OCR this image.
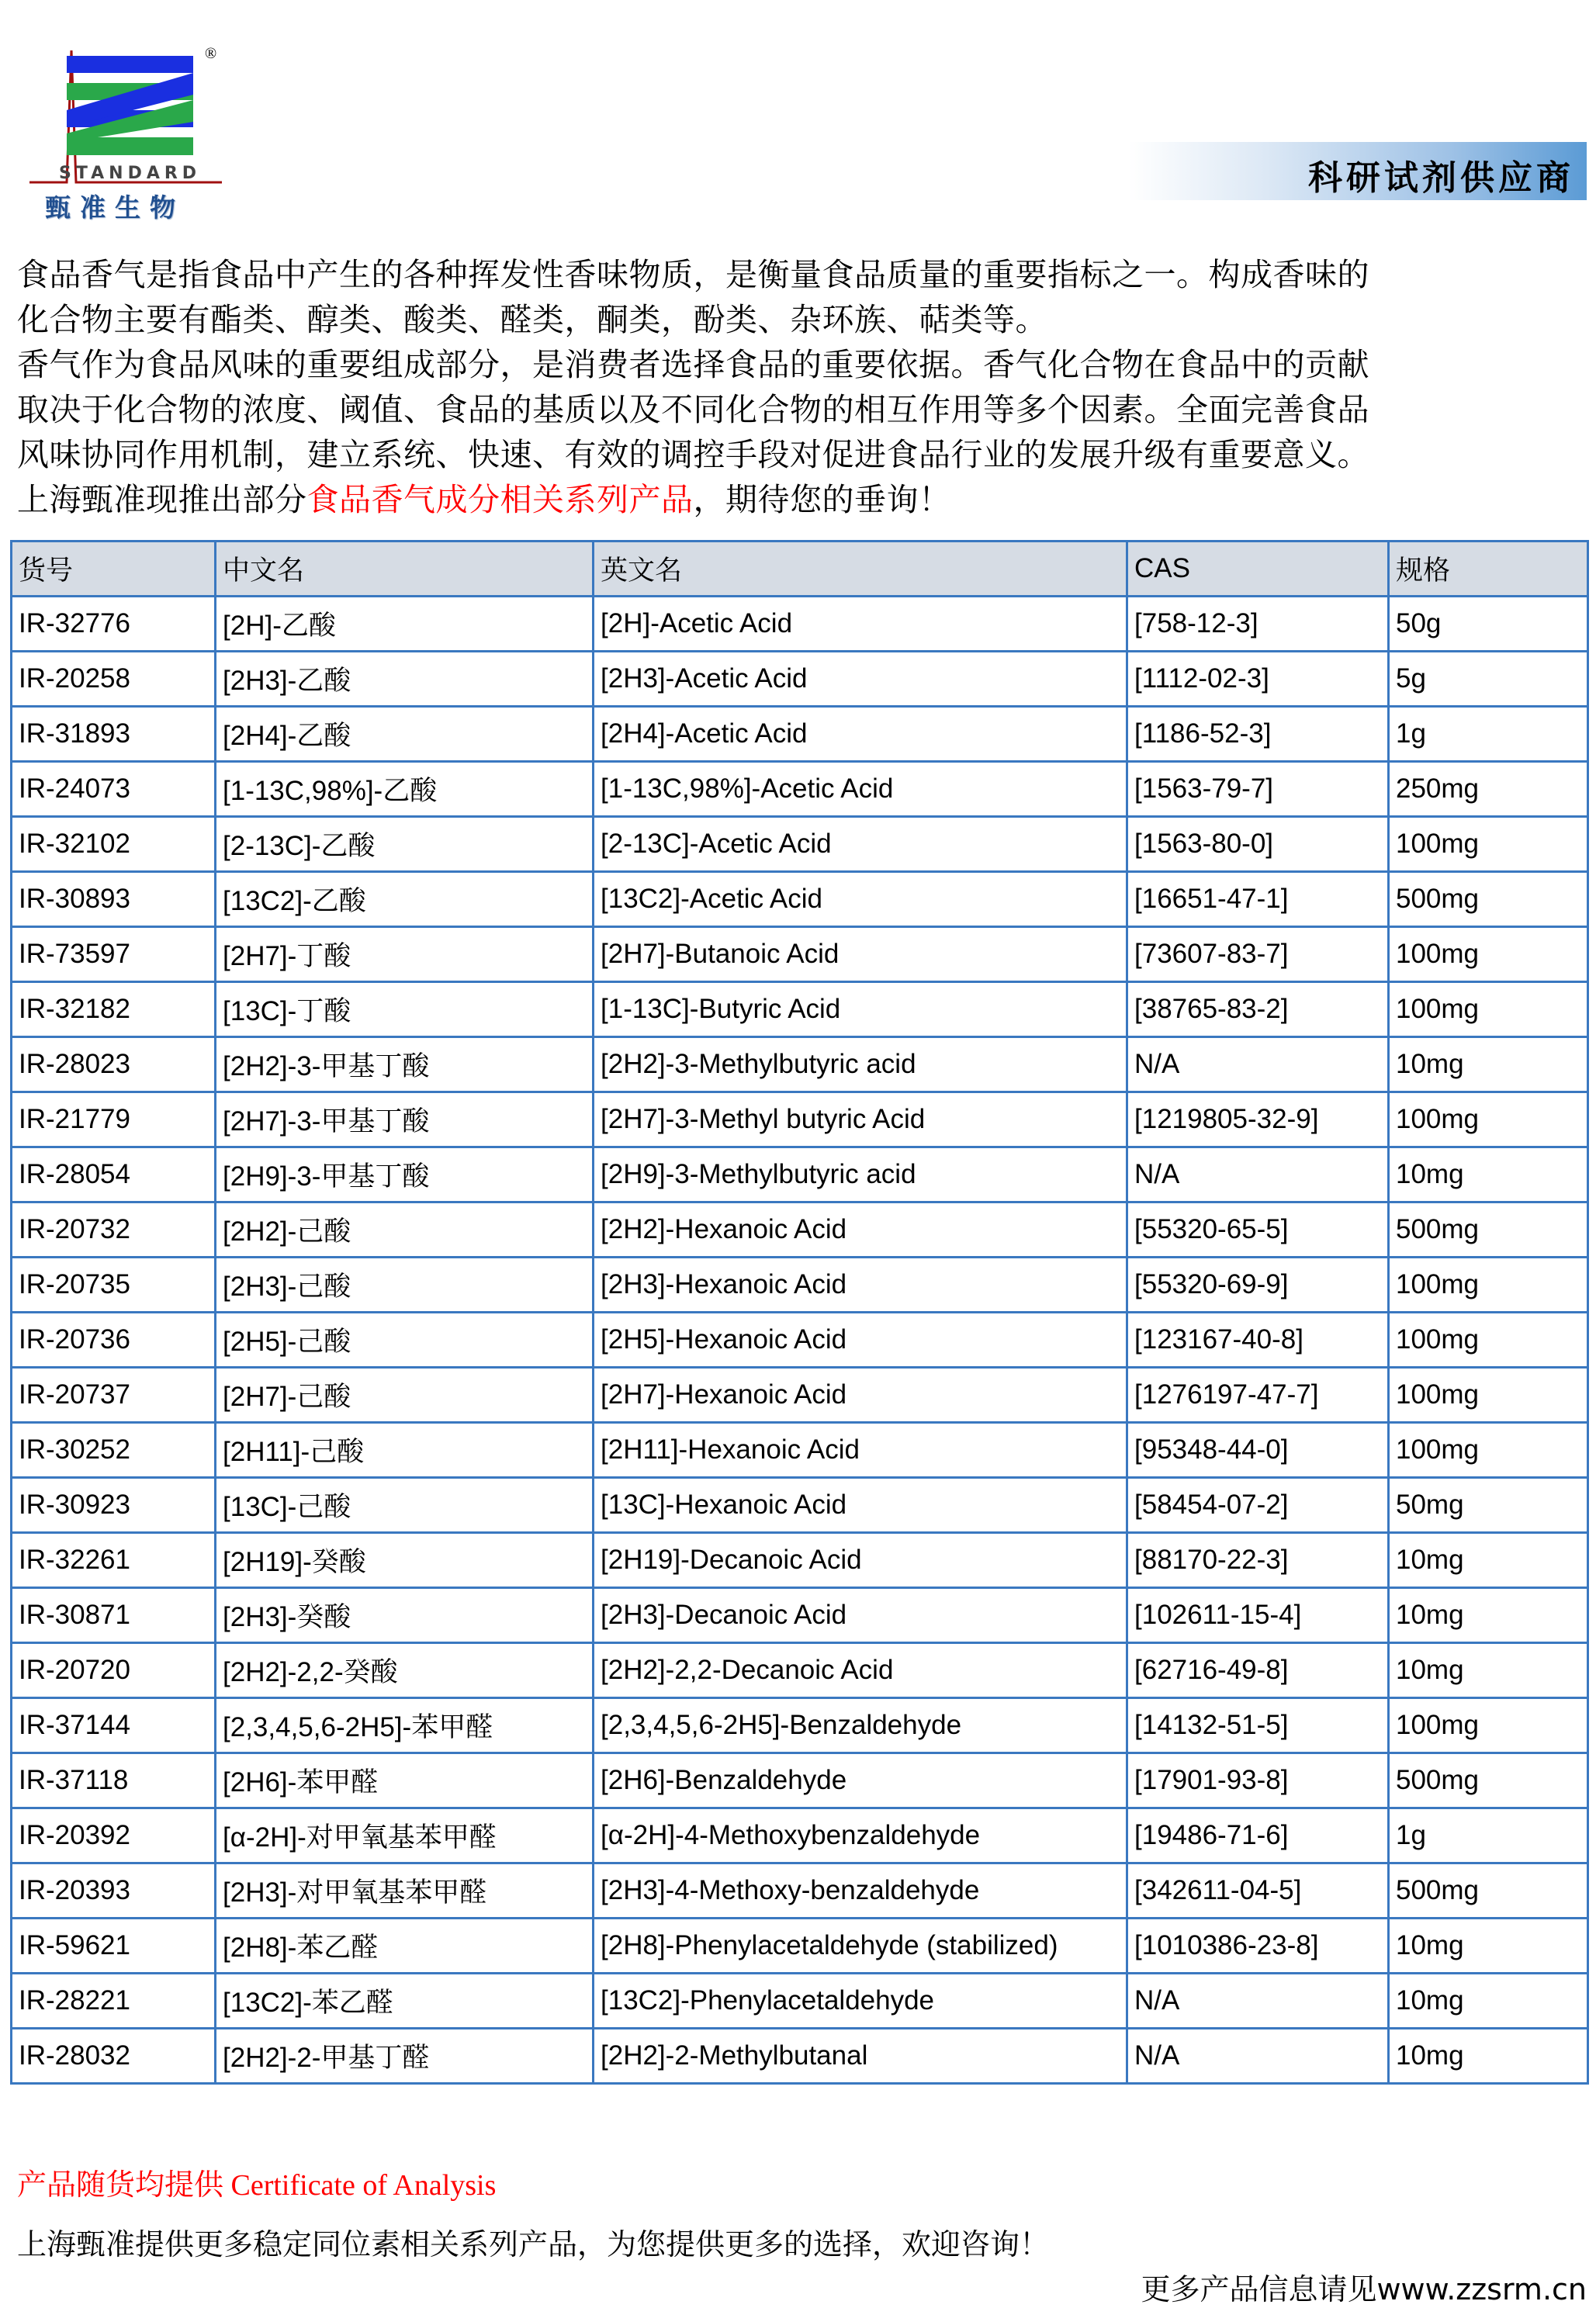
®
STANDARD
甄准生物
科研试剂供应商

食品香气是指食品中产生的各种挥发性香味物质，是衡量食品质量的重要指标之一。构成香味的

化合物主要有酯类、醇类、酸类、醛类，酮类，酚类、杂环族、萜类等。

香气作为食品风味的重要组成部分，是消费者选择食品的重要依据。香气化合物在食品中的贡献

取决于化合物的浓度、阈值、食品的基质以及不同化合物的相互作用等多个因素。全面完善食品

风味协同作用机制，建立系统、快速、有效的调控手段对促进食品行业的发展升级有重要意义。

上海甄准现推出部分食品香气成分相关系列产品，期待您的垂询！

货号	中文名	英文名	CAS	规格
IR-32776	[2H]-乙酸	[2H]-Acetic Acid	[758-12-3]	50g
IR-20258	[2H3]-乙酸	[2H3]-Acetic Acid	[1112-02-3]	5g
IR-31893	[2H4]-乙酸	[2H4]-Acetic Acid	[1186-52-3]	1g
IR-24073	[1-13C,98%]-乙酸	[1-13C,98%]-Acetic Acid	[1563-79-7]	250mg
IR-32102	[2-13C]-乙酸	[2-13C]-Acetic Acid	[1563-80-0]	100mg
IR-30893	[13C2]-乙酸	[13C2]-Acetic Acid	[16651-47-1]	500mg
IR-73597	[2H7]-丁酸	[2H7]-Butanoic Acid	[73607-83-7]	100mg
IR-32182	[13C]-丁酸	[1-13C]-Butyric Acid	[38765-83-2]	100mg
IR-28023	[2H2]-3-甲基丁酸	[2H2]-3-Methylbutyric acid	N/A	10mg
IR-21779	[2H7]-3-甲基丁酸	[2H7]-3-Methyl butyric Acid	[1219805-32-9]	100mg
IR-28054	[2H9]-3-甲基丁酸	[2H9]-3-Methylbutyric acid	N/A	10mg
IR-20732	[2H2]-己酸	[2H2]-Hexanoic Acid	[55320-65-5]	500mg
IR-20735	[2H3]-己酸	[2H3]-Hexanoic Acid	[55320-69-9]	100mg
IR-20736	[2H5]-己酸	[2H5]-Hexanoic Acid	[123167-40-8]	100mg
IR-20737	[2H7]-己酸	[2H7]-Hexanoic Acid	[1276197-47-7]	100mg
IR-30252	[2H11]-己酸	[2H11]-Hexanoic Acid	[95348-44-0]	100mg
IR-30923	[13C]-己酸	[13C]-Hexanoic Acid	[58454-07-2]	50mg
IR-32261	[2H19]-癸酸	[2H19]-Decanoic Acid	[88170-22-3]	10mg
IR-30871	[2H3]-癸酸	[2H3]-Decanoic Acid	[102611-15-4]	10mg
IR-20720	[2H2]-2,2-癸酸	[2H2]-2,2-Decanoic Acid	[62716-49-8]	10mg
IR-37144	[2,3,4,5,6-2H5]-苯甲醛	[2,3,4,5,6-2H5]-Benzaldehyde	[14132-51-5]	100mg
IR-37118	[2H6]-苯甲醛	[2H6]-Benzaldehyde	[17901-93-8]	500mg
IR-20392	[α-2H]-对甲氧基苯甲醛	[α-2H]-4-Methoxybenzaldehyde	[19486-71-6]	1g
IR-20393	[2H3]-对甲氧基苯甲醛	[2H3]-4-Methoxy-benzaldehyde	[342611-04-5]	500mg
IR-59621	[2H8]-苯乙醛	[2H8]-Phenylacetaldehyde (stabilized)	[1010386-23-8]	10mg
IR-28221	[13C2]-苯乙醛	[13C2]-Phenylacetaldehyde	N/A	10mg
IR-28032	[2H2]-2-甲基丁醛	[2H2]-2-Methylbutanal	N/A	10mg
产品随货均提供 Certificate of Analysis
上海甄准提供更多稳定同位素相关系列产品，为您提供更多的选择，欢迎咨询！
更多产品信息请见www.zzsrm.cn
